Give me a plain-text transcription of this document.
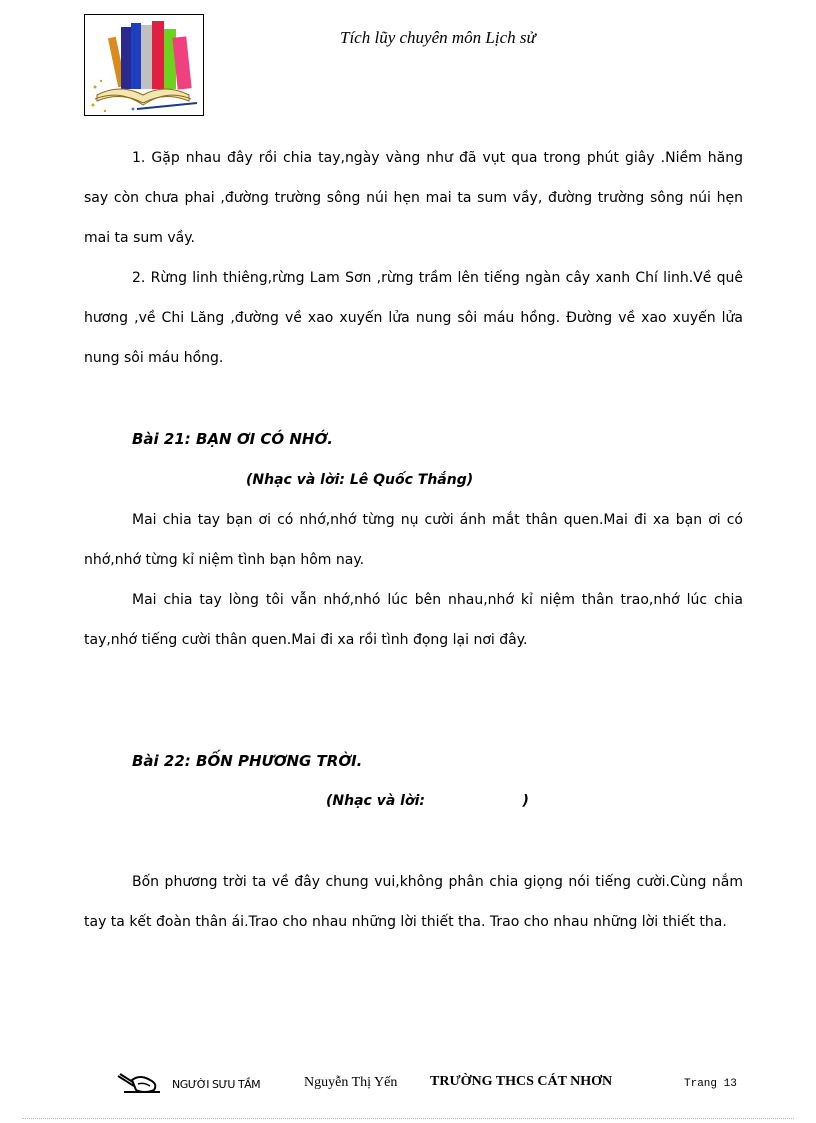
Tích lũy chuyên môn Lịch sử

1. Gặp nhau đây rồi chia tay,ngày vàng như đã vụt qua trong phút giây .Niềm hăng say còn chưa phai ,đường trường sông núi hẹn mai ta sum vầy, đường trường sông núi hẹn mai ta sum vầy.

2. Rừng linh thiêng,rừng Lam Sơn ,rừng trầm lên tiếng ngàn cây xanh Chí linh.Về quê hương ,về Chi Lăng ,đường về xao xuyến lửa nung sôi máu hồng. Đường về xao xuyến lửa nung sôi máu hồng.

Bài 21: BẠN ƠI CÓ NHỚ.
(Nhạc và lời: Lê Quốc Thắng)

Mai chia tay bạn ơi có nhớ,nhớ từng nụ cười ánh mắt thân quen.Mai đi xa bạn ơi có nhớ,nhớ từng kỉ niệm tình bạn hôm nay.

Mai chia tay lòng tôi vẫn nhớ,nhó lúc bên nhau,nhớ kỉ niệm thân trao,nhớ lúc chia tay,nhớ tiếng cười thân quen.Mai đi xa rồi tình đọng lại nơi đây.

Bài 22: BỐN PHƯƠNG TRỜI.
(Nhạc và lời:                    )

Bốn phương trời ta về đây chung vui,không phân chia giọng nói tiếng cười.Cùng nắm tay ta kết đoàn thân ái.Trao cho nhau những lời thiết tha. Trao cho nhau những lời thiết tha.

NGƯỜI SƯU TẦM	Nguyễn Thị Yến TRƯỜNG THCS CÁT NHƠN	Trang 13
